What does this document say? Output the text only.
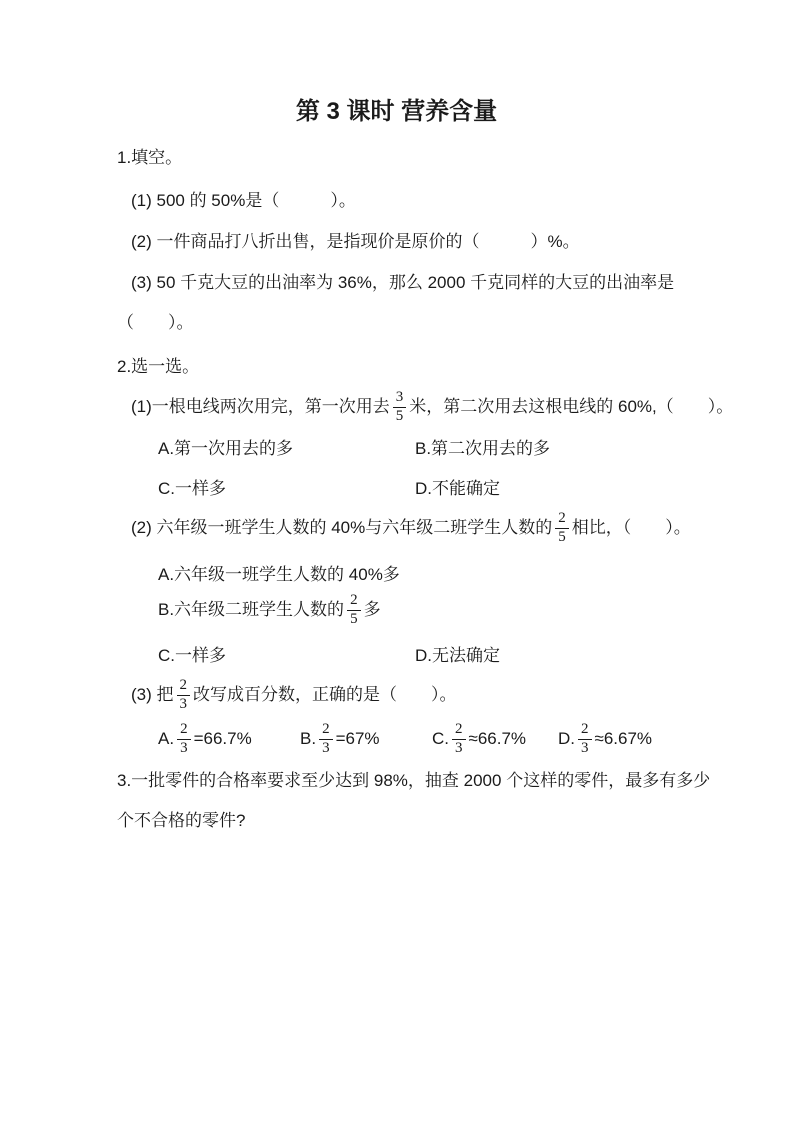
第 3 课时 营养含量
1.填空。
(1) 500 的 50%是（　　　）。
(2) 一件商品打八折出售，是指现价是原价的（　　　）%。
(3) 50 千克大豆的出油率为 36%，那么 2000 千克同样的大豆的出油率是
（　　）。
2.选一选。
(1)一根电线两次用完，第一次用去 $\frac{3}{5}$ 米，第二次用去这根电线的 60%,（　　）。

A.第一次用去的多

	B.第二次用去的多

C.一样多

	D.不能确定

(2) 六年级一班学生人数的 40%与六年级二班学生人数的 $\frac{2}{5}$ 相比，（　　）。
A.六年级一班学生人数的 40%多
B.六年级二班学生人数的 $\frac{2}{5}$ 多

C.一样多

	D.无法确定

(3) 把 $\frac{2}{3}$ 改写成百分数，正确的是（　　）。

A. $\frac{2}{3} =66.7\%$

	B. $\frac{2}{3} =67\%$

	C. $\frac{2}{3} \approx 66.7\%$

D. $\frac{2}{3} \approx 6.67\%$

3.一批零件的合格率要求至少达到 98%，抽查 2000 个这样的零件，最多有多少
个不合格的零件?
